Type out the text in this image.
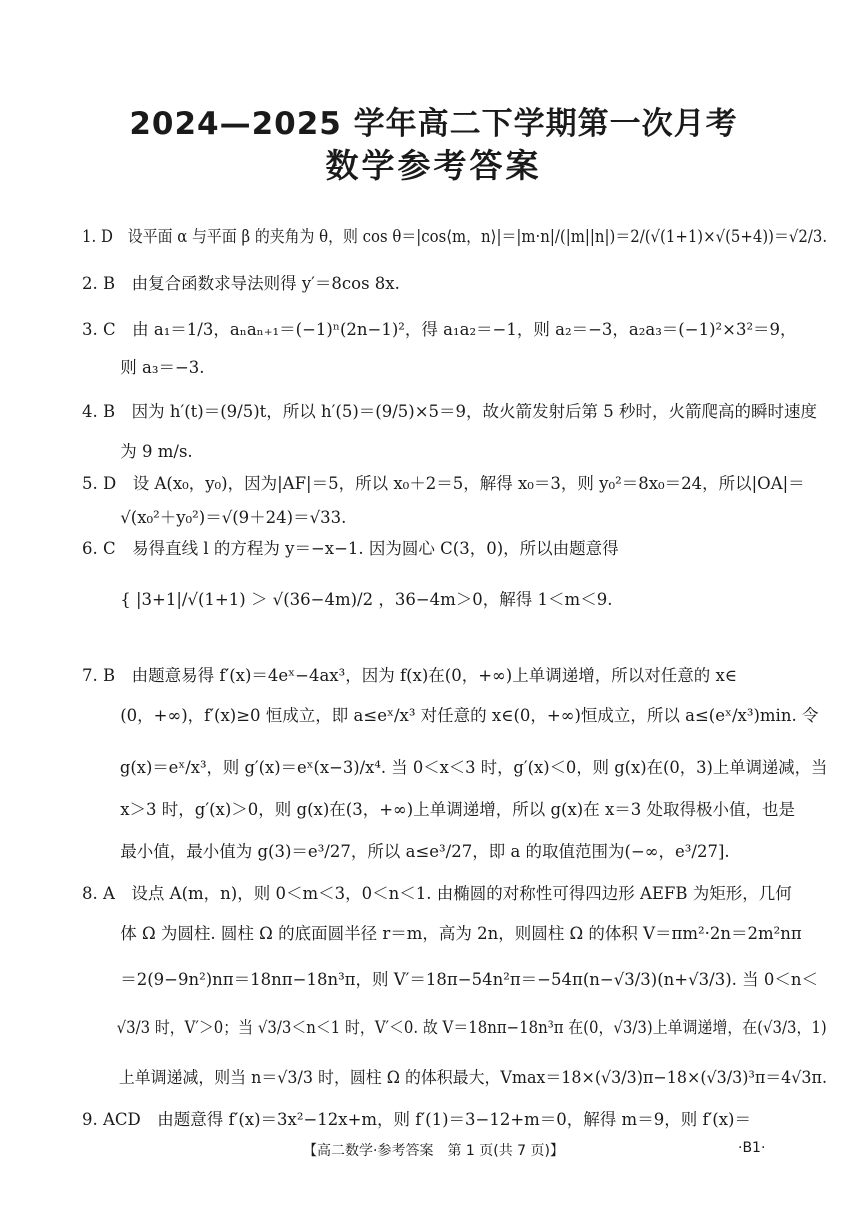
2024—2025 学年高二下学期第一次月考
数学参考答案
1. D　设平面 α 与平面 β 的夹角为 θ，则 cos θ＝|cos⟨m，n⟩|＝|m·n|/(|m||n|)＝2/(√(1+1)×√(5+4))＝√2/3.
2. B　由复合函数求导法则得 y′＝8cos 8x.
3. C　由 a₁＝1/3，aₙaₙ₊₁＝(−1)ⁿ(2n−1)²，得 a₁a₂＝−1，则 a₂＝−3，a₂a₃＝(−1)²×3²＝9，
　　 则 a₃＝−3.
4. B　因为 h′(t)＝(9/5)t，所以 h′(5)＝(9/5)×5＝9，故火箭发射后第 5 秒时，火箭爬高的瞬时速度
　　 为 9 m/s.
5. D　设 A(x₀，y₀)，因为|AF|＝5，所以 x₀＋2＝5，解得 x₀＝3，则 y₀²＝8x₀＝24，所以|OA|＝
　　 √(x₀²＋y₀²)＝√(9＋24)＝√33.
6. C　易得直线 l 的方程为 y＝−x−1. 因为圆心 C(3，0)，所以由题意得
　　 { |3+1|/√(1+1) ＞ √(36−4m)/2 ，36−4m＞0，解得 1＜m＜9.
7. B　由题意易得 f′(x)＝4eˣ−4ax³，因为 f(x)在(0，+∞)上单调递增，所以对任意的 x∈
　　 (0，+∞)，f′(x)≥0 恒成立，即 a≤eˣ/x³ 对任意的 x∈(0，+∞)恒成立，所以 a≤(eˣ/x³)min. 令
　　 g(x)＝eˣ/x³，则 g′(x)＝eˣ(x−3)/x⁴. 当 0＜x＜3 时，g′(x)＜0，则 g(x)在(0，3)上单调递减，当
　　 x＞3 时，g′(x)＞0，则 g(x)在(3，+∞)上单调递增，所以 g(x)在 x＝3 处取得极小值，也是
　　 最小值，最小值为 g(3)＝e³/27，所以 a≤e³/27，即 a 的取值范围为(−∞，e³/27].
8. A　设点 A(m，n)，则 0＜m＜3，0＜n＜1. 由椭圆的对称性可得四边形 AEFB 为矩形，几何
　　 体 Ω 为圆柱. 圆柱 Ω 的底面圆半径 r＝m，高为 2n，则圆柱 Ω 的体积 V＝πm²·2n＝2m²nπ
　　 ＝2(9−9n²)nπ＝18nπ−18n³π，则 V′＝18π−54n²π＝−54π(n−√3/3)(n+√3/3). 当 0＜n＜
　　 √3/3 时，V′＞0；当 √3/3＜n＜1 时，V′＜0. 故 V＝18nπ−18n³π 在(0，√3/3)上单调递增，在(√3/3，1)
　　 上单调递减，则当 n＝√3/3 时，圆柱 Ω 的体积最大，Vmax＝18×(√3/3)π−18×(√3/3)³π＝4√3π.
9. ACD　由题意得 f′(x)＝3x²−12x+m，则 f′(1)＝3−12+m＝0，解得 m＝9，则 f′(x)＝
【高二数学·参考答案　第 1 页(共 7 页)】	·B1·
